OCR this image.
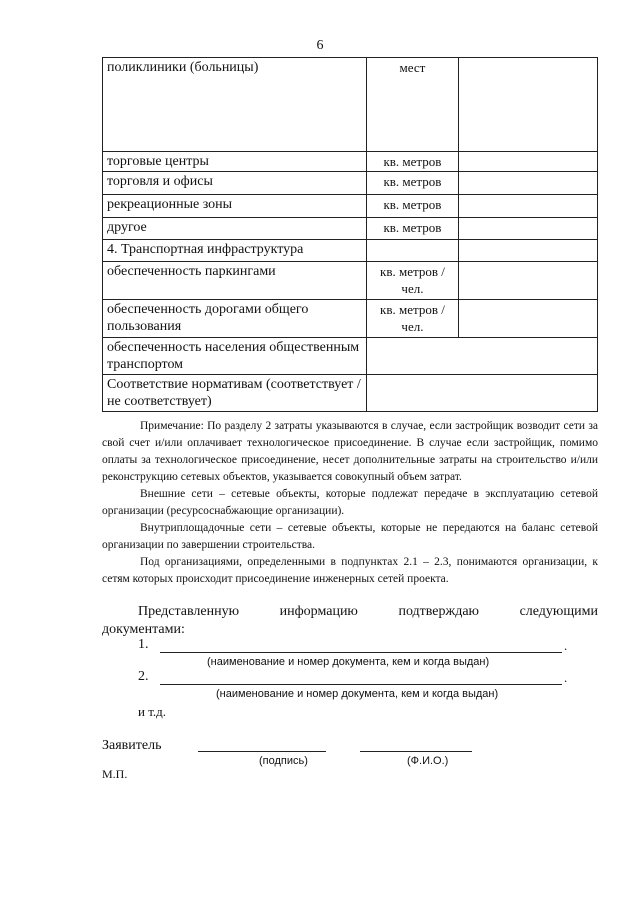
6
поликлиники (больницы)	мест	
торговые центры	кв. метров	
торговля и офисы	кв. метров	
рекреационные зоны	кв. метров	
другое	кв. метров	
4. Транспортная инфраструктура		
обеспеченность паркингами	кв. метров / чел.	
обеспеченность дорогами общего пользования	кв. метров / чел.	
обеспеченность населения общественным транспортом		
Соответствие нормативам (соответствует / не соответствует)		

Примечание: По разделу 2 затраты указываются в случае, если застройщик возводит сети за свой счет и/или оплачивает технологическое присоединение. В случае если застройщик, помимо оплаты за технологическое присоединение, несет дополнительные затраты на строительство и/или реконструкцию сетевых объектов, указывается совокупный объем затрат.

Внешние сети – сетевые объекты, которые подлежат передаче в эксплуатацию сетевой организации (ресурсоснабжающие организации).

Внутриплощадочные сети – сетевые объекты, которые не передаются на баланс сетевой организации по завершении строительства.

Под организациями, определенными в подпунктах 2.1 – 2.3, понимаются организации, к сетям которых происходит присоединение инженерных сетей проекта.

Представленную	информацию	подтверждаю	следующими
документами:
1.	.
(наименование и номер документа, кем и когда выдан)
2.	.
(наименование и номер документа, кем и когда выдан)
и т.д.
Заявитель
(подпись)	(Ф.И.О.)
М.П.
